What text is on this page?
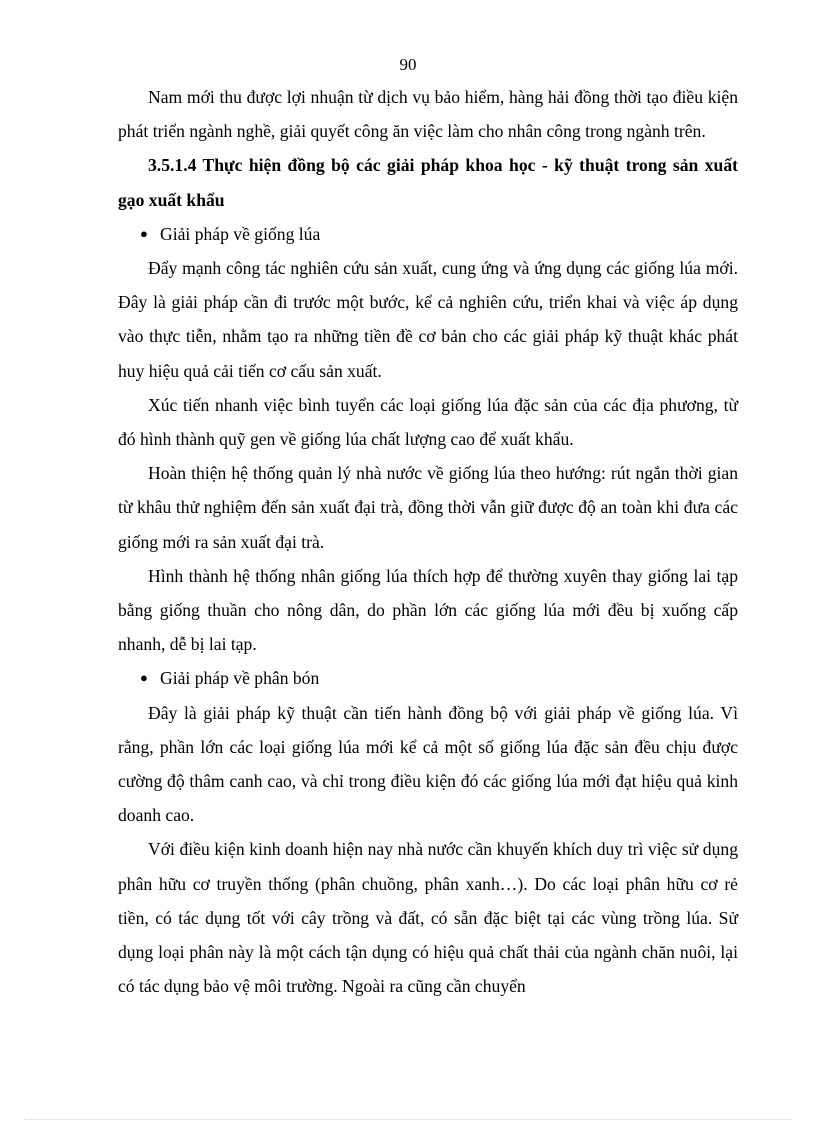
90

Nam mới thu được lợi nhuận từ dịch vụ bảo hiểm, hàng hải đồng thời tạo điều kiện phát triển ngành nghề, giải quyết công ăn việc làm cho nhân công trong ngành trên.

3.5.1.4 Thực hiện đồng bộ các giải pháp khoa học - kỹ thuật trong sản xuất gạo xuất khẩu

● Giải pháp về giống lúa

Đẩy mạnh công tác nghiên cứu sản xuất, cung ứng và ứng dụng các giống lúa mới. Đây là giải pháp cần đi trước một bước, kể cả nghiên cứu, triển khai và việc áp dụng vào thực tiễn, nhằm tạo ra những tiền đề cơ bản cho các giải pháp kỹ thuật khác phát huy hiệu quả cải tiến cơ cấu sản xuất.

Xúc tiến nhanh việc bình tuyển các loại giống lúa đặc sản của các địa phương, từ đó hình thành quỹ gen về giống lúa chất lượng cao để xuất khẩu.

Hoàn thiện hệ thống quản lý nhà nước về giống lúa theo hướng: rút ngắn thời gian từ khâu thử nghiệm đến sản xuất đại trà, đồng thời vẫn giữ được độ an toàn khi đưa các giống mới ra sản xuất đại trà.

Hình thành hệ thống nhân giống lúa thích hợp để thường xuyên thay giống lai tạp bằng giống thuần cho nông dân, do phần lớn các giống lúa mới đều bị xuống cấp nhanh, dễ bị lai tạp.

● Giải pháp về phân bón

Đây là giải pháp kỹ thuật cần tiến hành đồng bộ với giải pháp về giống lúa. Vì rằng, phần lớn các loại giống lúa mới kể cả một số giống lúa đặc sản đều chịu được cường độ thâm canh cao, và chỉ trong điều kiện đó các giống lúa mới đạt hiệu quả kinh doanh cao.

Với điều kiện kinh doanh hiện nay nhà nước cần khuyến khích duy trì việc sử dụng phân hữu cơ truyền thống (phân chuồng, phân xanh…). Do các loại phân hữu cơ rẻ tiền, có tác dụng tốt với cây trồng và đất, có sẵn đặc biệt tại các vùng trồng lúa. Sử dụng loại phân này là một cách tận dụng có hiệu quả chất thải của ngành chăn nuôi, lại có tác dụng bảo vệ môi trường. Ngoài ra cũng cần chuyển
